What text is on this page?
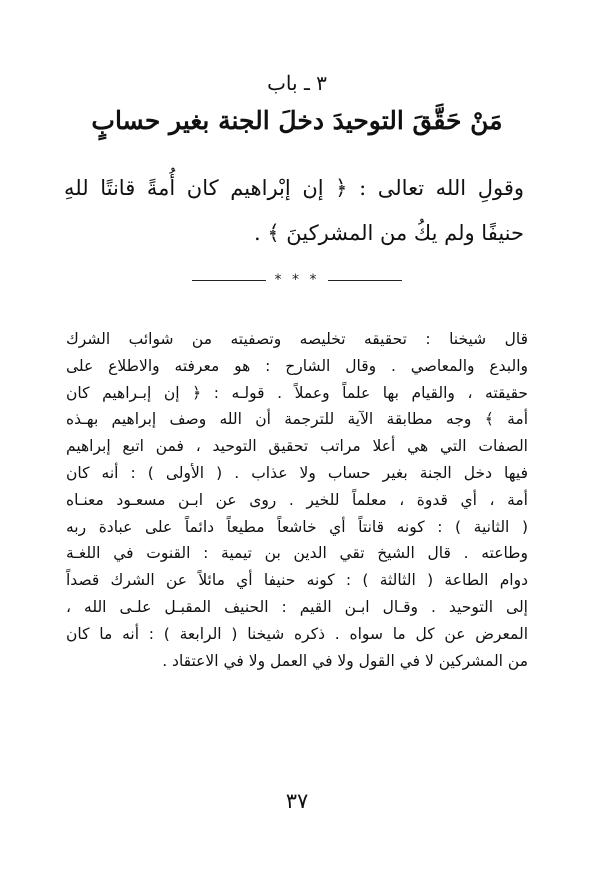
٣ ـ باب
مَنْ حَقَّقَ التوحيدَ دخلَ الجنة بغير حسابٍ
وقولِ الله تعالى : ﴿ إن إبْراهيم كان أُمةً قانتًا للهِ حنيفًا ولم يكُ من المشركينَ ﴾ .
* * *
قال شيخنا : تحقيقه تخليصه وتصفيته من شوائب الشرك
والبدع والمعاصي . وقال الشارح : هو معرفته والاطلاع على
حقيقته ، والقيام بها علماً وعملاً . قولـه : ﴿ إن إبـراهيم كان
أمة ﴾ وجه مطابقة الآية للترجمة أن الله وصف إبراهيم بهـذه
الصفات التي هي أعلا مراتب تحقيق التوحيد ، فمن اتبع إبراهيم
فيها دخل الجنة بغير حساب ولا عذاب . ( الأولى ) : أنه كان
أمة ، أي قدوة ، معلماً للخير . روى عن ابـن مسعـود معنـاه
( الثانية ) : كونه قانتاً أي خاشعاً مطيعاً دائماً على عبادة ربه
وطاعته . قال الشيخ تقي الدين بن تيمية : القنوت في اللغـة
دوام الطاعة ( الثالثة ) : كونه حنيفا أي مائلاً عن الشرك قصداً
إلى التوحيد . وقـال ابـن القيم : الحنيف المقبـل علـى الله ،
المعرض عن كل ما سواه . ذكره شيخنا ( الرابعة ) : أنه ما كان
من المشركين لا في القول ولا في العمل ولا في الاعتقاد .
٣٧
